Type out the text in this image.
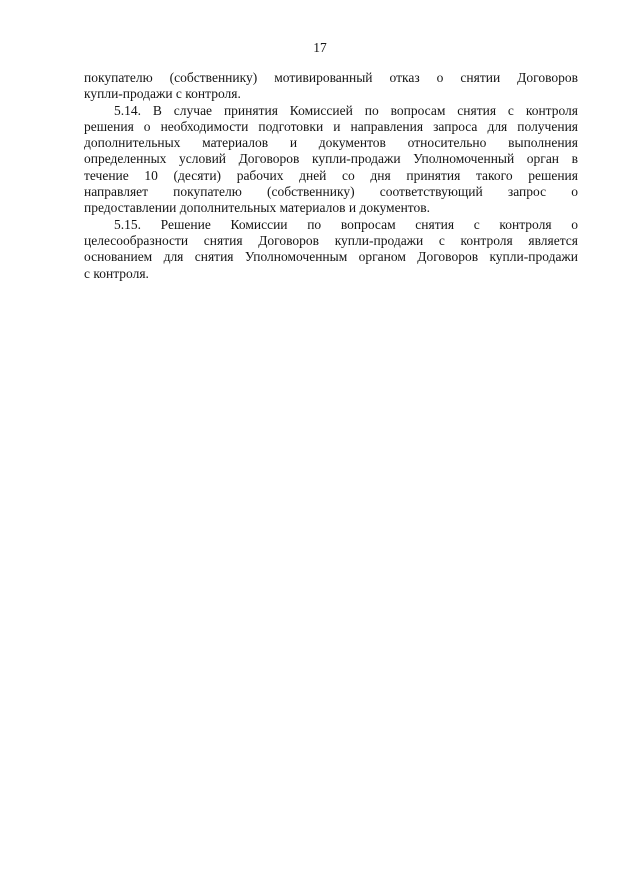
17
покупателю (собственнику) мотивированный отказ о снятии Договоров
купли-продажи с контроля.
5.14. В случае принятия Комиссией по вопросам снятия с контроля
решения о необходимости подготовки и направления запроса для получения
дополнительных материалов и документов относительно выполнения
определенных условий Договоров купли-продажи Уполномоченный орган в
течение 10 (десяти) рабочих дней со дня принятия такого решения
направляет покупателю (собственнику) соответствующий запрос о
предоставлении дополнительных материалов и документов.
5.15. Решение Комиссии по вопросам снятия с контроля о
целесообразности снятия Договоров купли-продажи с контроля является
основанием для снятия Уполномоченным органом Договоров купли-продажи
с контроля.
